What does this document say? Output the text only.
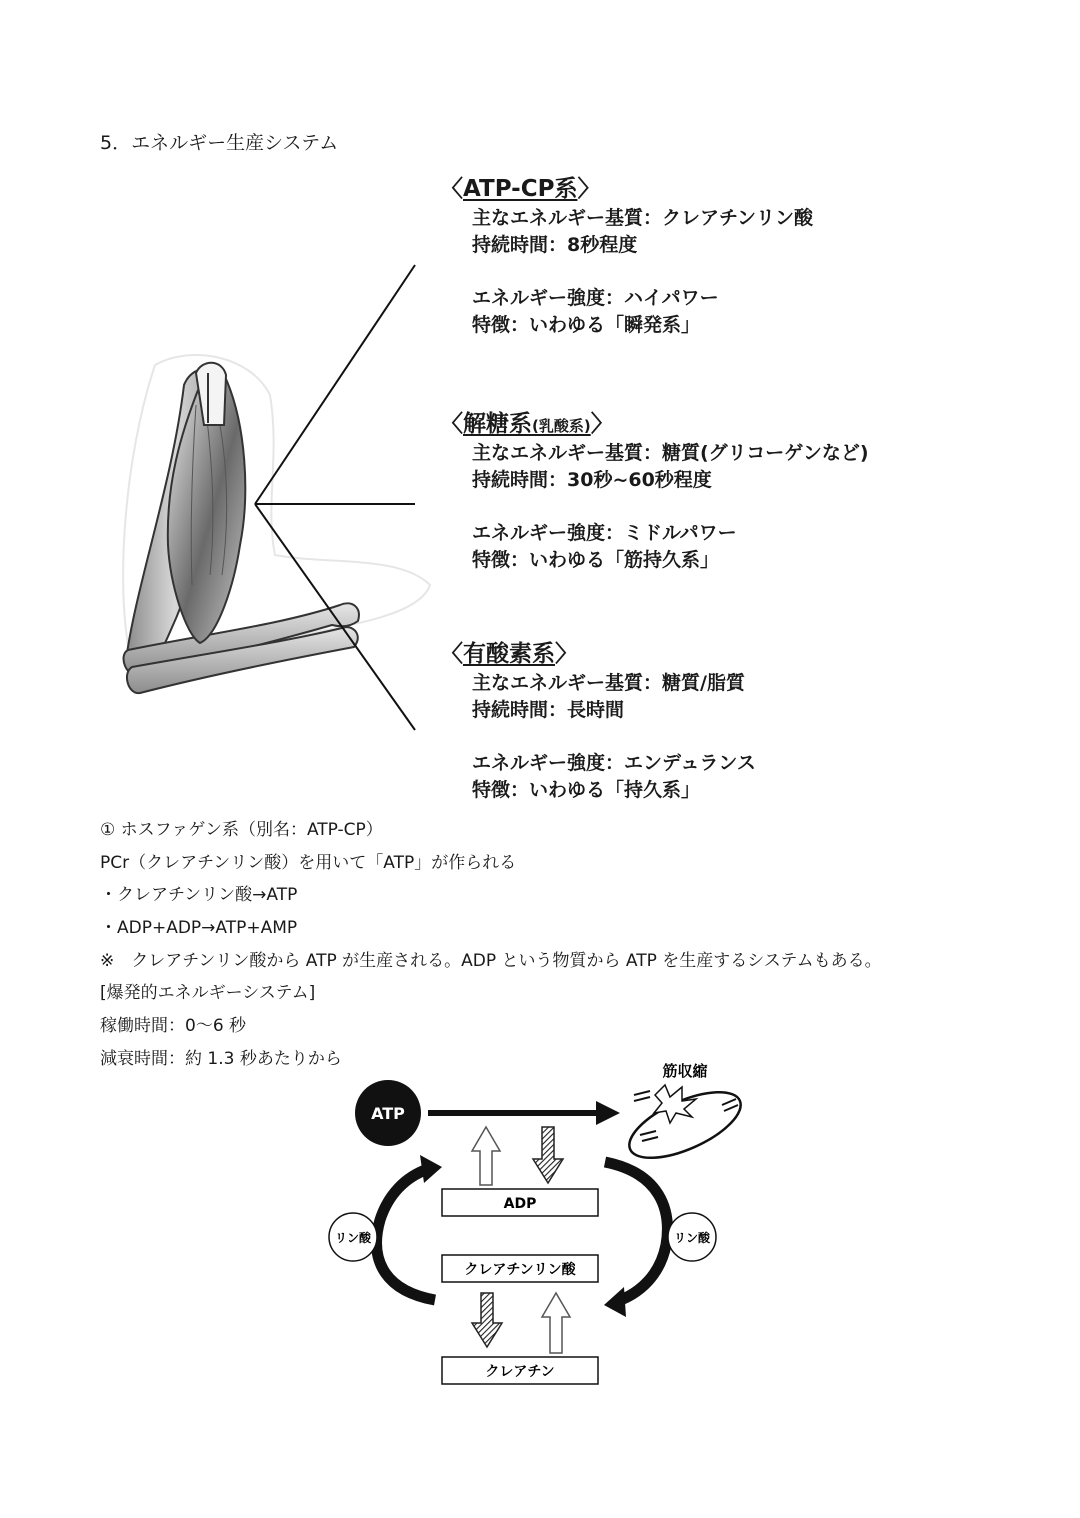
5．エネルギー生産システム
〈ATP-CP系〉
主なエネルギー基質：クレアチンリン酸
持続時間：8秒程度
エネルギー強度：ハイパワー
特徴：いわゆる「瞬発系」
〈解糖系(乳酸系)〉
主なエネルギー基質：糖質(グリコーゲンなど)
持続時間：30秒~60秒程度
エネルギー強度：ミドルパワー
特徴：いわゆる「筋持久系」
〈有酸素系〉
主なエネルギー基質：糖質/脂質
持続時間：長時間
エネルギー強度：エンデュランス
特徴：いわゆる「持久系」
① ホスファゲン系（別名：ATP-CP）
PCr（クレアチンリン酸）を用いて「ATP」が作られる
・クレアチンリン酸→ATP
・ADP+ADP→ATP+AMP
※　クレアチンリン酸から ATP が生産される。ADP という物質から ATP を生産するシステムもある。
[爆発的エネルギーシステム]
稼働時間：0〜6 秒
減衰時間：約 1.3 秒あたりから
ATP
筋収縮
ADP
クレアチンリン酸
クレアチン
リン酸	リン酸
